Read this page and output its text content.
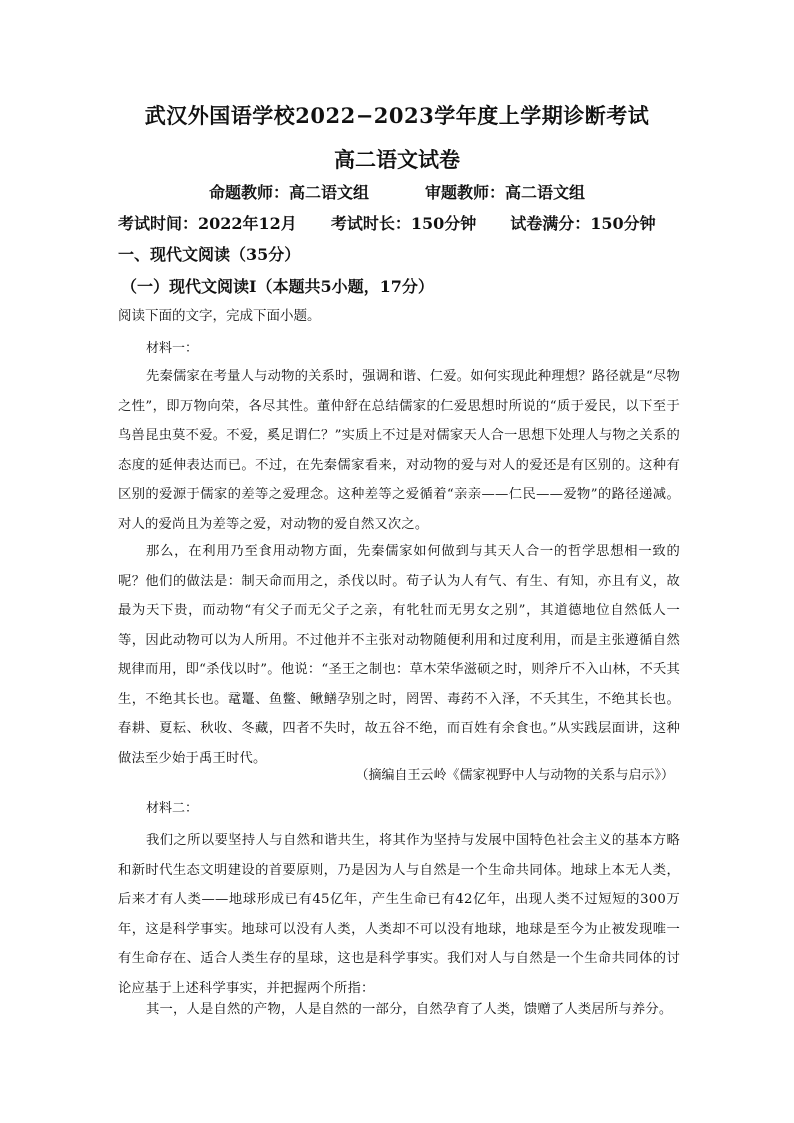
武汉外国语学校2022−2023学年度上学期诊断考试
高二语文试卷
命题教师：高二语文组	审题教师：高二语文组
考试时间：2022年12月 考试时长：150分钟 试卷满分：150分钟
一、现代文阅读（35分）
（一）现代文阅读Ⅰ（本题共5小题，17分）
阅读下面的文字，完成下面小题。
材料一：
先秦儒家在考量人与动物的关系时，强调和谐、仁爱。如何实现此种理想？路径就是“尽物之性”，即万物向荣，各尽其性。董仲舒在总结儒家的仁爱思想时所说的“质于爱民，以下至于鸟兽昆虫莫不爱。不爱，奚足谓仁？”实质上不过是对儒家天人合一思想下处理人与物之关系的态度的延伸表达而已。不过，在先秦儒家看来，对动物的爱与对人的爱还是有区别的。这种有区别的爱源于儒家的差等之爱理念。这种差等之爱循着“亲亲——仁民——爱物”的路径递减。对人的爱尚且为差等之爱，对动物的爱自然又次之。
那么，在利用乃至食用动物方面，先秦儒家如何做到与其天人合一的哲学思想相一致的呢？他们的做法是：制天命而用之，杀伐以时。荀子认为人有气、有生、有知，亦且有义，故最为天下贵，而动物“有父子而无父子之亲，有牝牡而无男女之别”，其道德地位自然低人一等，因此动物可以为人所用。不过他并不主张对动物随便利用和过度利用，而是主张遵循自然规律而用，即“杀伐以时”。他说：“圣王之制也：草木荣华滋硕之时，则斧斤不入山林，不夭其生，不绝其长也。鼋鼍、鱼鳖、鳅鳝孕别之时，罔罟、毒药不入泽，不夭其生，不绝其长也。春耕、夏耘、秋收、冬藏，四者不失时，故五谷不绝，而百姓有余食也。”从实践层面讲，这种做法至少始于禹王时代。
（摘编自王云岭《儒家视野中人与动物的关系与启示》）
材料二：
我们之所以要坚持人与自然和谐共生，将其作为坚持与发展中国特色社会主义的基本方略和新时代生态文明建设的首要原则，乃是因为人与自然是一个生命共同体。地球上本无人类，后来才有人类——地球形成已有45亿年，产生生命已有42亿年，出现人类不过短短的300万年，这是科学事实。地球可以没有人类，人类却不可以没有地球，地球是至今为止被发现唯一有生命存在、适合人类生存的星球，这也是科学事实。我们对人与自然是一个生命共同体的讨论应基于上述科学事实，并把握两个所指：
其一，人是自然的产物，人是自然的一部分，自然孕育了人类，馈赠了人类居所与养分。
